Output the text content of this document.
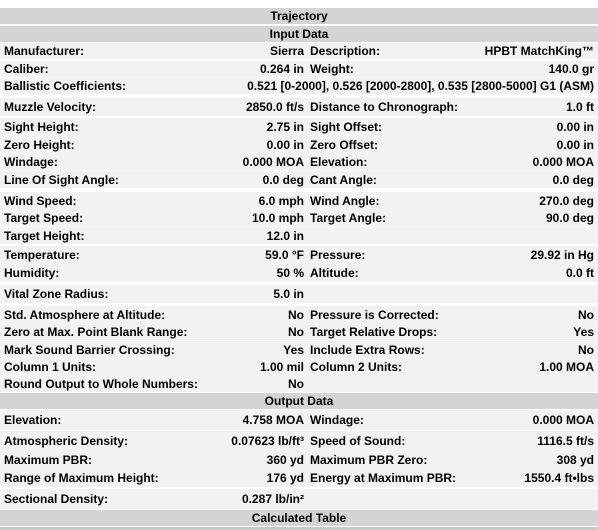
Trajectory
Input Data
Manufacturer:	Sierra Description:	HPBT MatchKing™
Caliber:	0.264 in Weight:	140.0 gr
Ballistic Coefficients:	0.521 [0-2000], 0.526 [2000-2800], 0.535 [2800-5000] G1 (ASM)
Muzzle Velocity:	2850.0 ft/s Distance to Chronograph:	1.0 ft
Sight Height:	2.75 in Sight Offset:	0.00 in
Zero Height:	0.00 in Zero Offset:	0.00 in
Windage:	0.000 MOA Elevation:	0.000 MOA
Line Of Sight Angle:	0.0 deg Cant Angle:	0.0 deg
Wind Speed:	6.0 mph Wind Angle:	270.0 deg
Target Speed:	10.0 mph Target Angle:	90.0 deg
Target Height:	12.0 in
Temperature:	59.0 °F Pressure:	29.92 in Hg
Humidity:	50 % Altitude:	0.0 ft
Vital Zone Radius:	5.0 in
Std. Atmosphere at Altitude:	No Pressure is Corrected:	No
Zero at Max. Point Blank Range:	No Target Relative Drops:	Yes
Mark Sound Barrier Crossing:	Yes Include Extra Rows:	No
Column 1 Units:	1.00 mil Column 2 Units:	1.00 MOA
Round Output to Whole Numbers:	No
Output Data
Elevation:	4.758 MOA Windage:	0.000 MOA
Atmospheric Density:	0.07623 lb/ft³ Speed of Sound:	1116.5 ft/s
Maximum PBR:	360 yd Maximum PBR Zero:	308 yd
Range of Maximum Height:	176 yd Energy at Maximum PBR:	1550.4 ft•lbs
Sectional Density:	0.287 lb/in²
Calculated Table
